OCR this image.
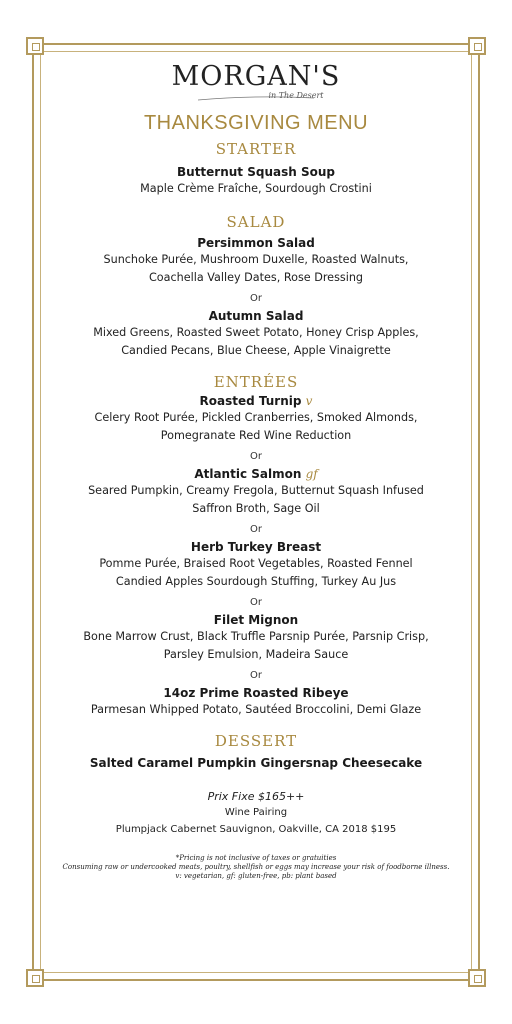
MORGAN'S
in The Desert
THANKSGIVING MENU
STARTER
Butternut Squash Soup
Maple Crème Fraîche, Sourdough Crostini
SALAD
Persimmon Salad
Sunchoke Purée, Mushroom Duxelle, Roasted Walnuts,
Coachella Valley Dates, Rose Dressing
Or
Autumn Salad
Mixed Greens, Roasted Sweet Potato, Honey Crisp Apples,
Candied Pecans, Blue Cheese, Apple Vinaigrette
ENTRÉES
Roasted Turnip v
Celery Root Purée, Pickled Cranberries, Smoked Almonds,
Pomegranate Red Wine Reduction
Or
Atlantic Salmon gf
Seared Pumpkin, Creamy Fregola, Butternut Squash Infused
Saffron Broth, Sage Oil
Or
Herb Turkey Breast
Pomme Purée, Braised Root Vegetables, Roasted Fennel
Candied Apples Sourdough Stuffing, Turkey Au Jus
Or
Filet Mignon
Bone Marrow Crust, Black Truffle Parsnip Purée, Parsnip Crisp,
Parsley Emulsion, Madeira Sauce
Or
14oz Prime Roasted Ribeye
Parmesan Whipped Potato, Sautéed Broccolini, Demi Glaze
DESSERT
Salted Caramel Pumpkin Gingersnap Cheesecake
Prix Fixe $165++
Wine Pairing
Plumpjack Cabernet Sauvignon, Oakville, CA 2018 $195
*Pricing is not inclusive of taxes or gratuities
Consuming raw or undercooked meats, poultry, shellfish or eggs may increase your risk of foodborne illness.
v: vegetarian, gf: gluten-free, pb: plant based
